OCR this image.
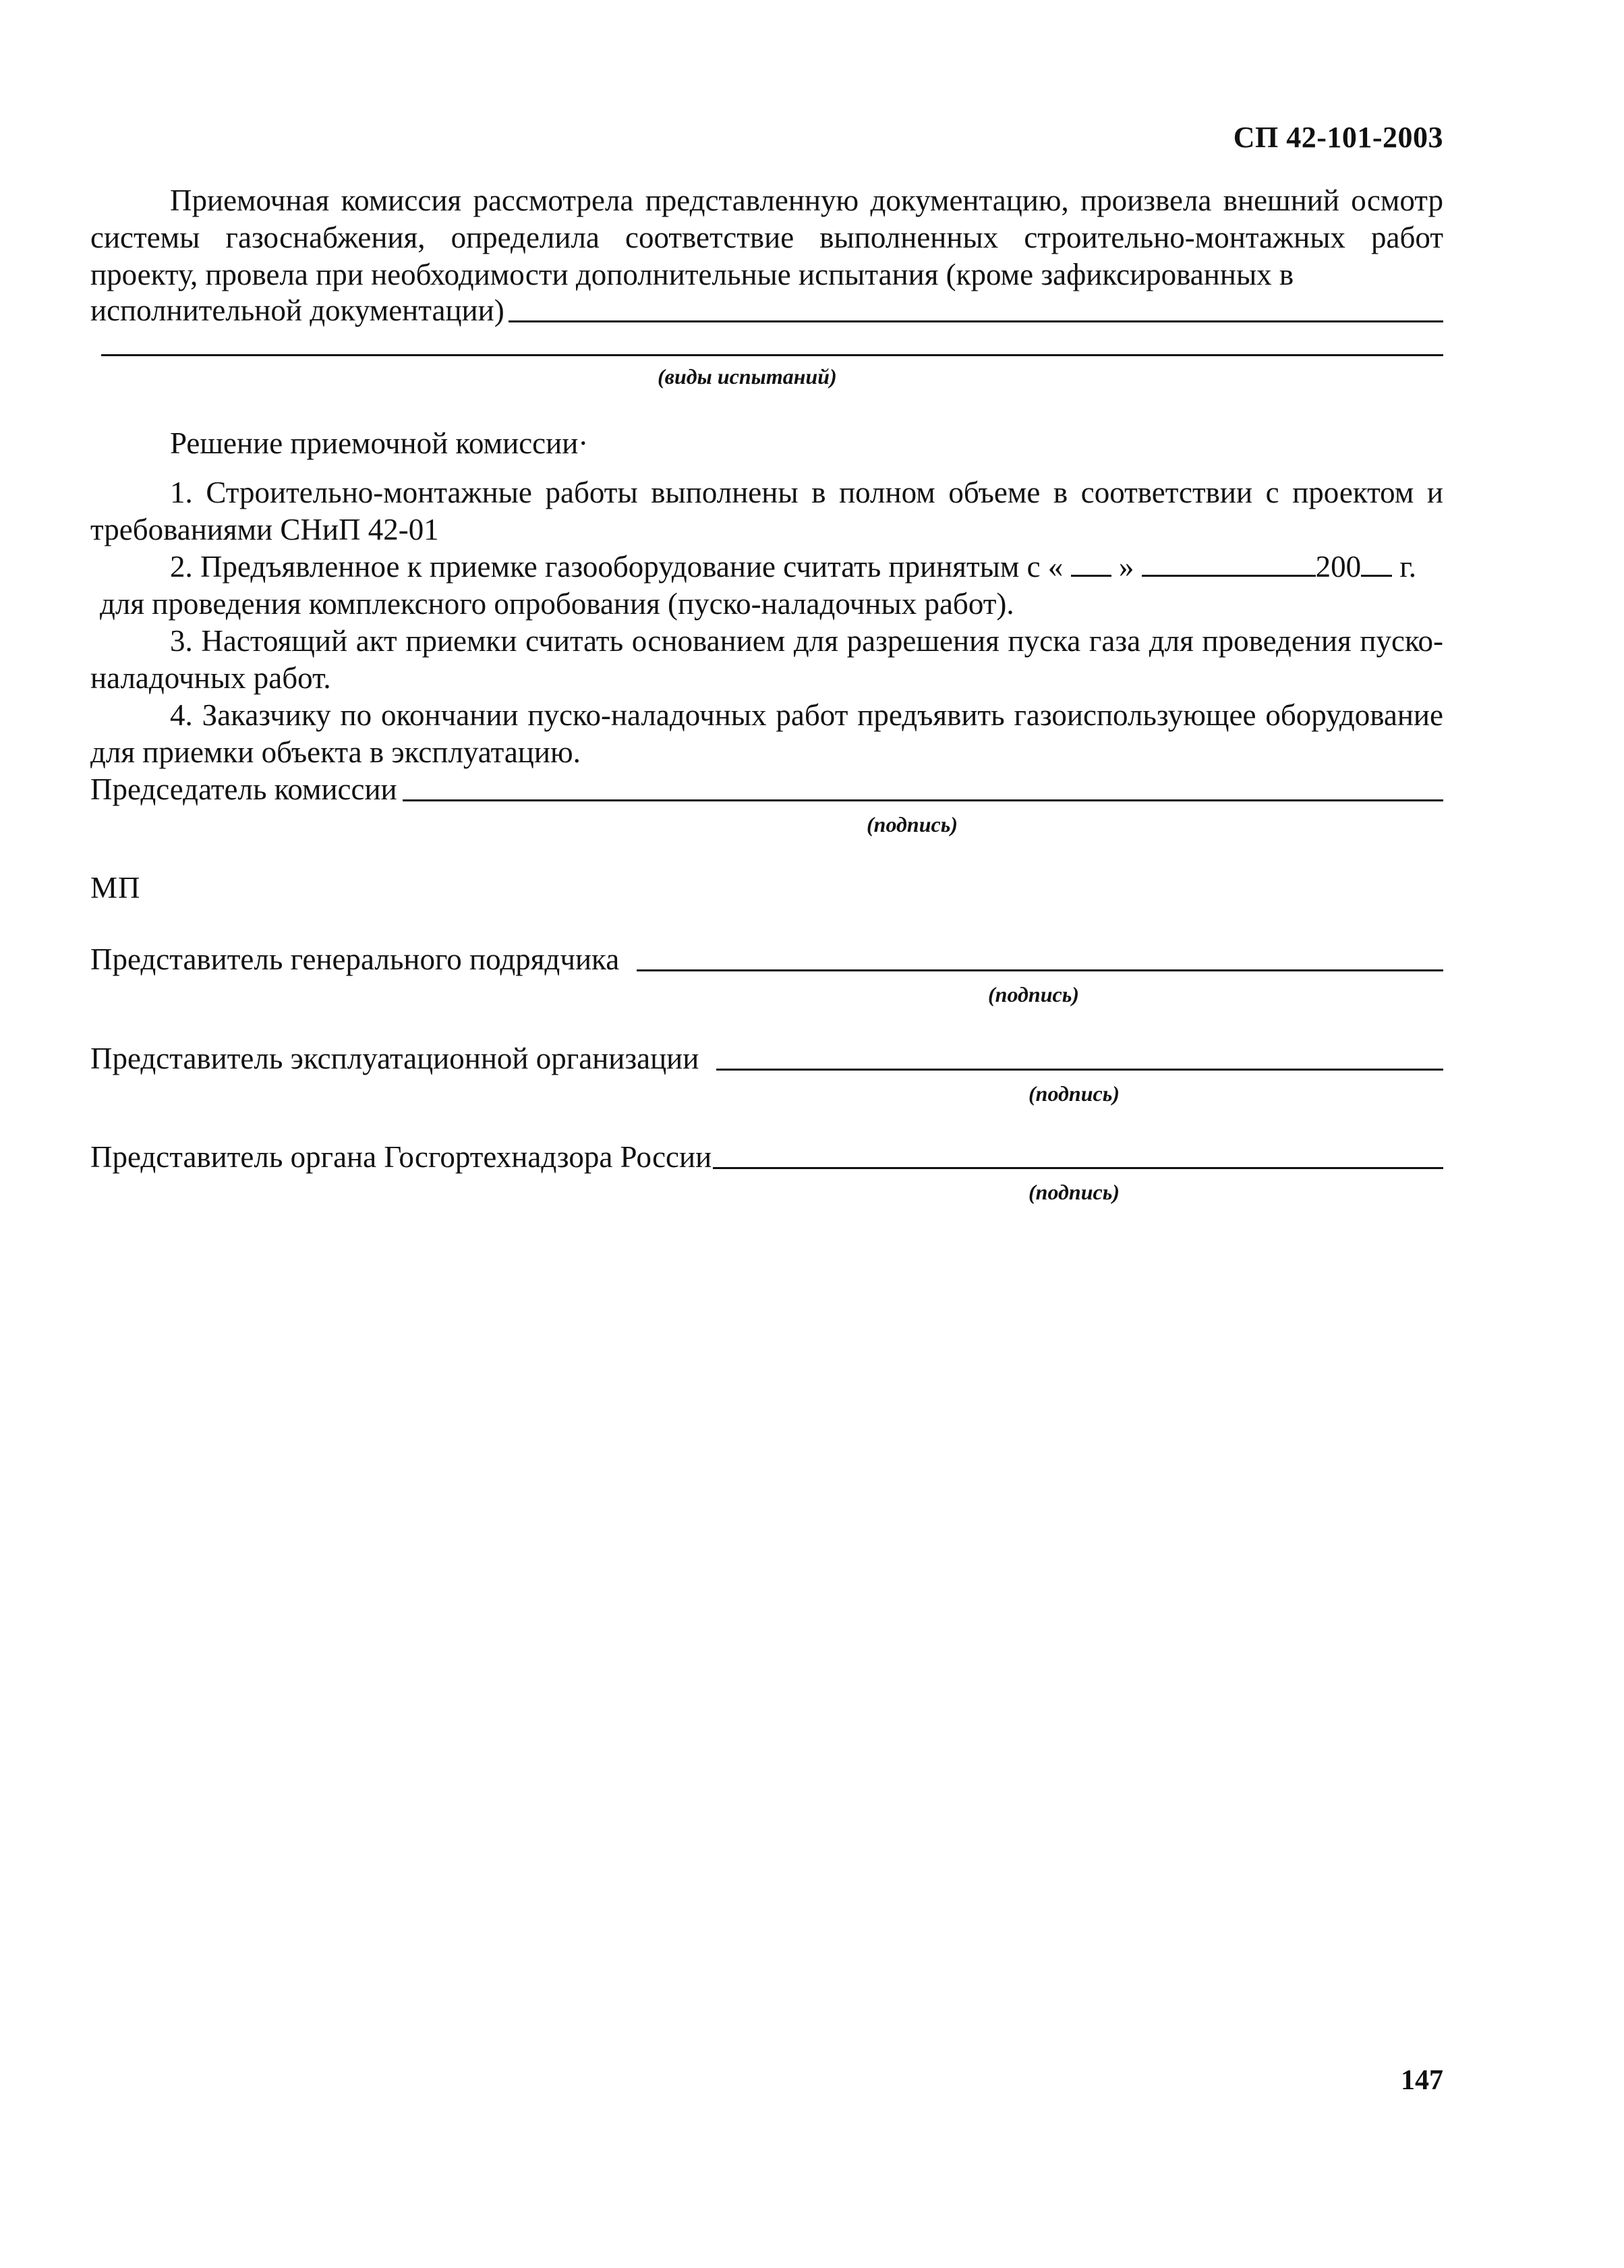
СП 42-101-2003
Приемочная комиссия рассмотрела представленную документацию, произвела внешний осмотр системы газоснабжения, определила соответствие выполненных строительно-монтажных работ проекту, провела при необходимости дополнительные испытания (кроме зафиксированных в
исполнительной документации)
(виды испытаний)
Решение приемочной комиссии·
1. Строительно-монтажные работы выполнены в полном объеме в соответствии с проектом и требованиями СНиП 42-01
2. Предъявленное к приемке газооборудование считать принятым с « »	200 г.
для проведения комплексного опробования (пуско-наладочных работ).
3. Настоящий акт приемки считать основанием для разрешения пуска газа для проведения пуско-наладочных работ.
4. Заказчику по окончании пуско-наладочных работ предъявить газоиспользующее оборудование для приемки объекта в эксплуатацию.
Председатель комиссии
(подпись)
МП
Представитель генерального подрядчика
(подпись)
Представитель эксплуатационной организации
(подпись)
Представитель органа Госгортехнадзора России
(подпись)
147
